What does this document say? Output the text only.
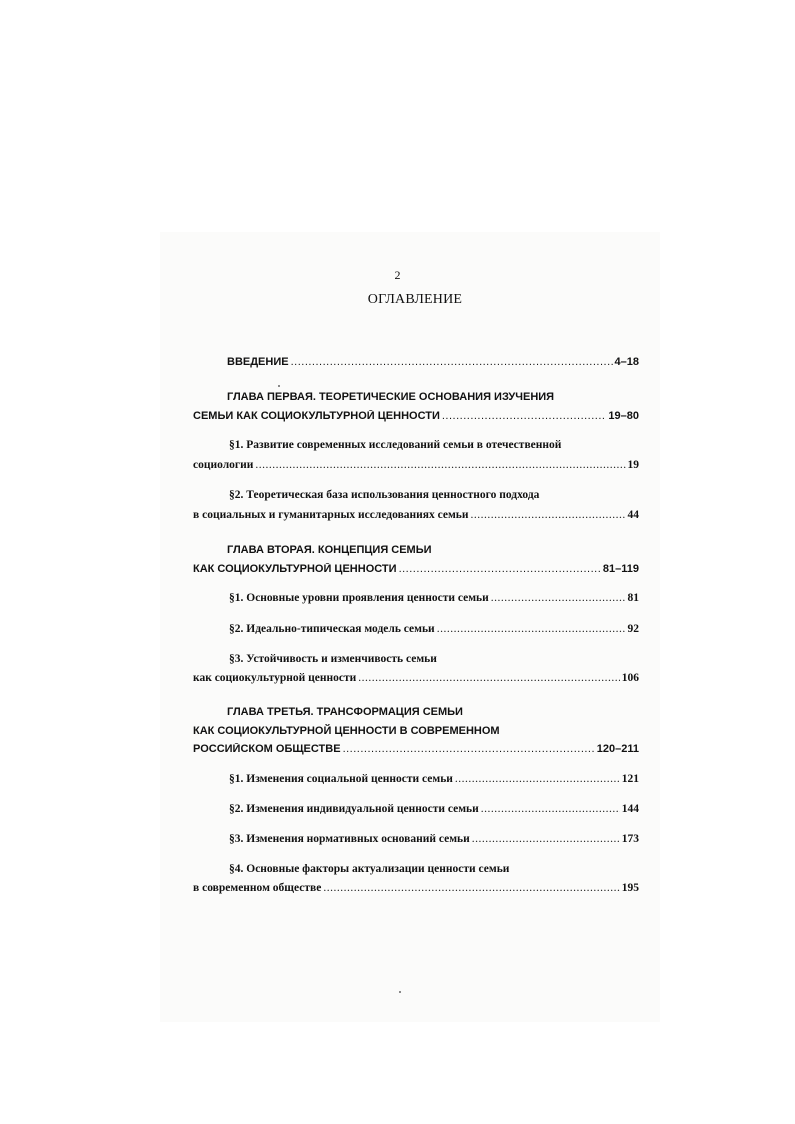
2
ОГЛАВЛЕНИЕ
ВВЕДЕНИЕ .....	4–18
ГЛАВА ПЕРВАЯ. ТЕОРЕТИЧЕСКИЕ ОСНОВАНИЯ ИЗУЧЕНИЯ
СЕМЬИ КАК СОЦИОКУЛЬТУРНОЙ ЦЕННОСТИ .....	19–80
§1. Развитие современных исследований семьи в отечественной
социологии .....	19
§2. Теоретическая база использования ценностного подхода
в социальных и гуманитарных исследованиях семьи .....	44
ГЛАВА ВТОРАЯ. КОНЦЕПЦИЯ СЕМЬИ
КАК СОЦИОКУЛЬТУРНОЙ ЦЕННОСТИ .....	81–119
§1. Основные уровни проявления ценности семьи .....	81
§2. Идеально-типическая модель семьи .....	92
§3. Устойчивость и изменчивость семьи
как социокультурной ценности .....	106
ГЛАВА ТРЕТЬЯ. ТРАНСФОРМАЦИЯ СЕМЬИ
КАК СОЦИОКУЛЬТУРНОЙ ЦЕННОСТИ В СОВРЕМЕННОМ
РОССИЙСКОМ ОБЩЕСТВЕ .....	120–211
§1. Изменения социальной ценности семьи .....	121
§2. Изменения индивидуальной ценности семьи .....	144
§3. Изменения нормативных оснований семьи .....	173
§4. Основные факторы актуализации ценности семьи
в современном обществе .....	195
